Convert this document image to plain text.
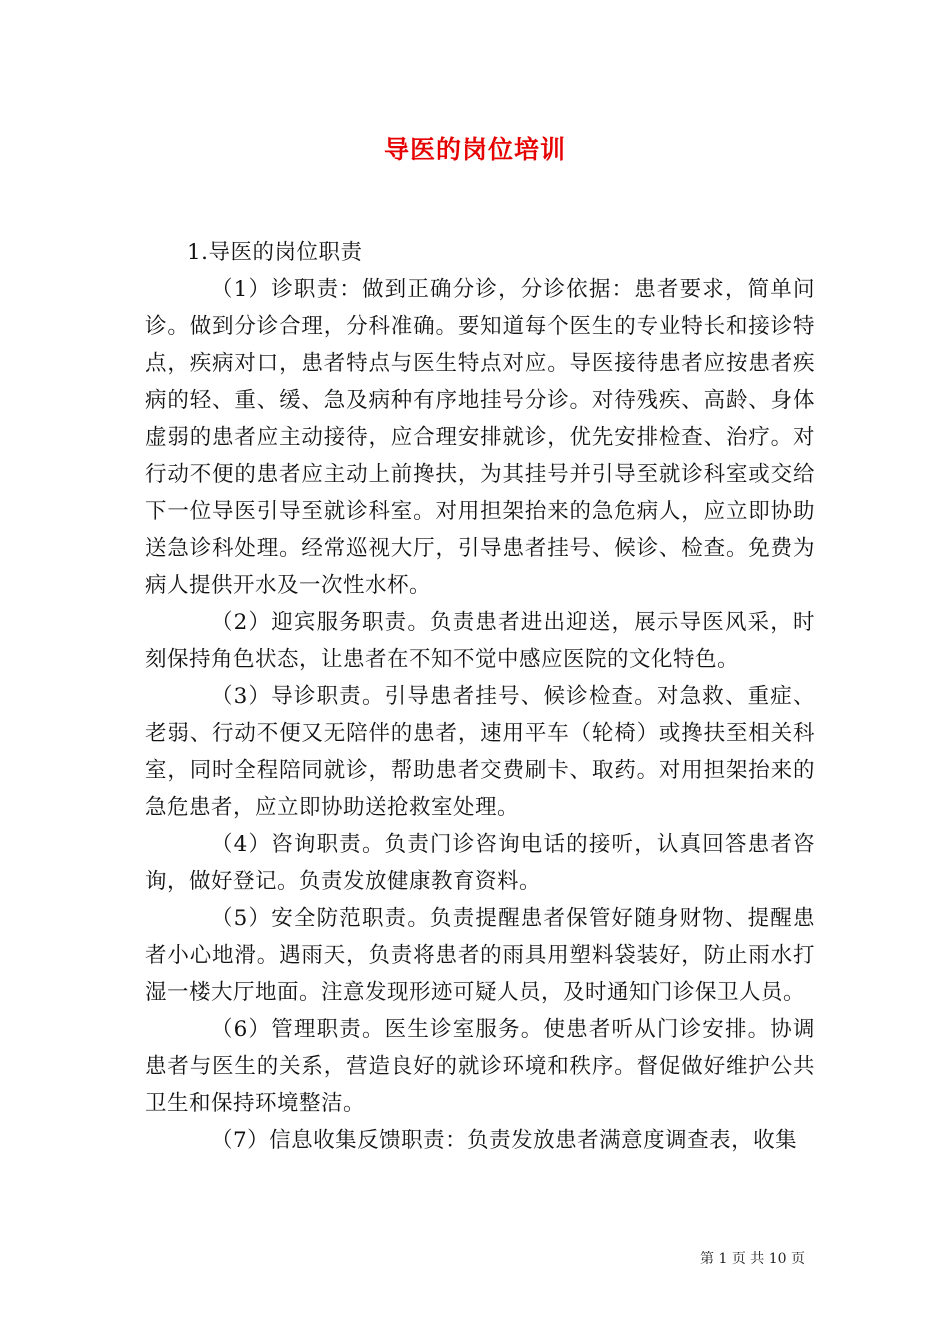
导医的岗位培训

1.导医的岗位职责

（1）诊职责：做到正确分诊，分诊依据：患者要求，简单问诊。做到分诊合理，分科准确。要知道每个医生的专业特长和接诊特点，疾病对口，患者特点与医生特点对应。导医接待患者应按患者疾病的轻、重、缓、急及病种有序地挂号分诊。对待残疾、高龄、身体虚弱的患者应主动接待，应合理安排就诊，优先安排检查、治疗。对行动不便的患者应主动上前搀扶，为其挂号并引导至就诊科室或交给下一位导医引导至就诊科室。对用担架抬来的急危病人，应立即协助送急诊科处理。经常巡视大厅，引导患者挂号、候诊、检查。免费为病人提供开水及一次性水杯。

（2）迎宾服务职责。负责患者进出迎送，展示导医风采，时刻保持角色状态，让患者在不知不觉中感应医院的文化特色。

（3）导诊职责。引导患者挂号、候诊检查。对急救、重症、老弱、行动不便又无陪伴的患者，速用平车（轮椅）或搀扶至相关科室，同时全程陪同就诊，帮助患者交费刷卡、取药。对用担架抬来的急危患者，应立即协助送抢救室处理。

（4）咨询职责。负责门诊咨询电话的接听，认真回答患者咨询，做好登记。负责发放健康教育资料。

（5）安全防范职责。负责提醒患者保管好随身财物、提醒患者小心地滑。遇雨天，负责将患者的雨具用塑料袋装好，防止雨水打湿一楼大厅地面。注意发现形迹可疑人员，及时通知门诊保卫人员。

（6）管理职责。医生诊室服务。使患者听从门诊安排。协调患者与医生的关系，营造良好的就诊环境和秩序。督促做好维护公共卫生和保持环境整洁。

（7）信息收集反馈职责：负责发放患者满意度调查表，收集

第 1 页 共 10 页
